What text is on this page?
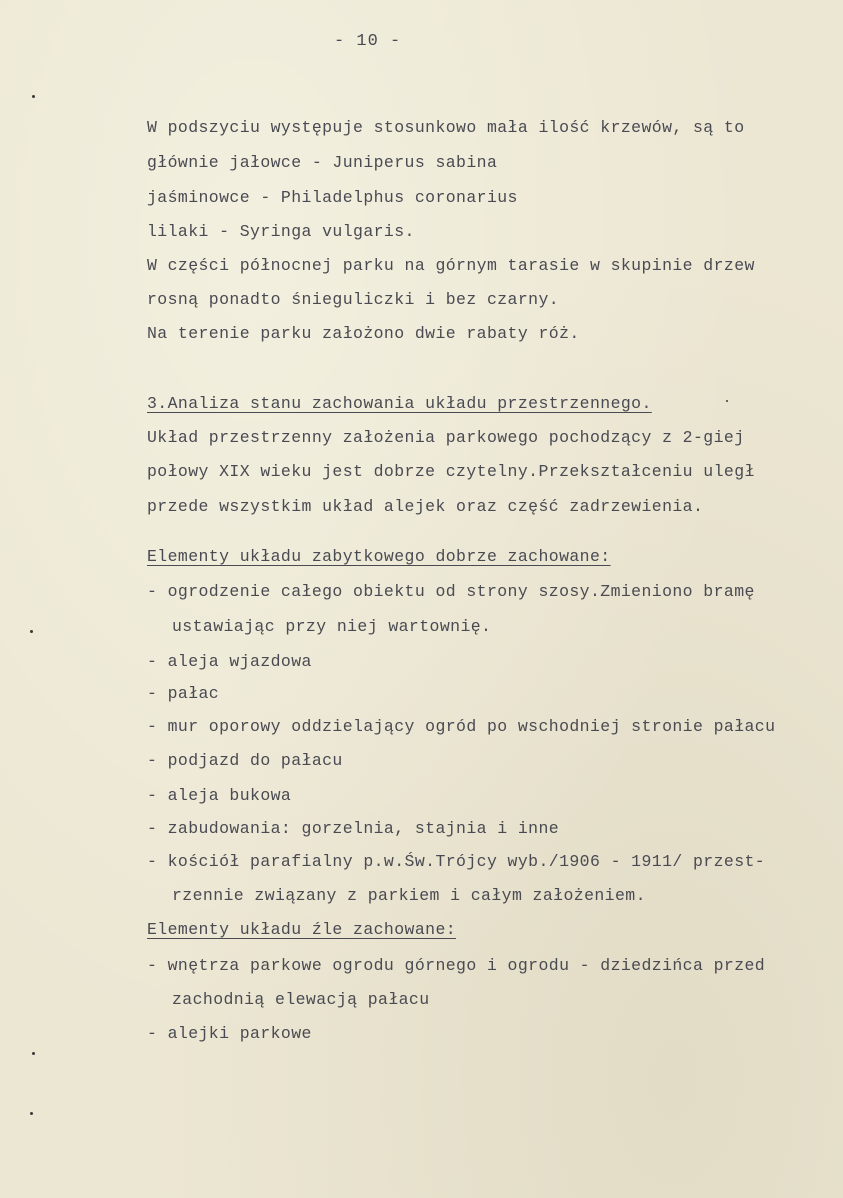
- 10 -
W podszyciu występuje stosunkowo mała ilość krzewów, są to
głównie jałowce - Juniperus sabina
jaśminowce - Philadelphus coronarius
lilaki - Syringa vulgaris.
W części północnej parku na górnym tarasie w skupinie drzew
rosną ponadto śnieguliczki i bez czarny.
Na terenie parku założono dwie rabaty róż.
3.Analiza stanu zachowania układu przestrzennego.
Układ przestrzenny założenia parkowego pochodzący z 2-giej
połowy XIX wieku jest dobrze czytelny.Przekształceniu uległ
przede wszystkim układ alejek oraz część zadrzewienia.
Elementy układu zabytkowego dobrze zachowane:
- ogrodzenie całego obiektu od strony szosy.Zmieniono bramę
ustawiając przy niej wartownię.
- aleja wjazdowa
- pałac
- mur oporowy oddzielający ogród po wschodniej stronie pałacu
- podjazd do pałacu
- aleja bukowa
- zabudowania: gorzelnia, stajnia i inne
- kościół parafialny p.w.Św.Trójcy wyb./1906 - 1911/ przest-
rzennie związany z parkiem i całym założeniem.
Elementy układu źle zachowane:
- wnętrza parkowe ogrodu górnego i ogrodu - dziedzińca przed
zachodnią elewacją pałacu
- alejki parkowe
